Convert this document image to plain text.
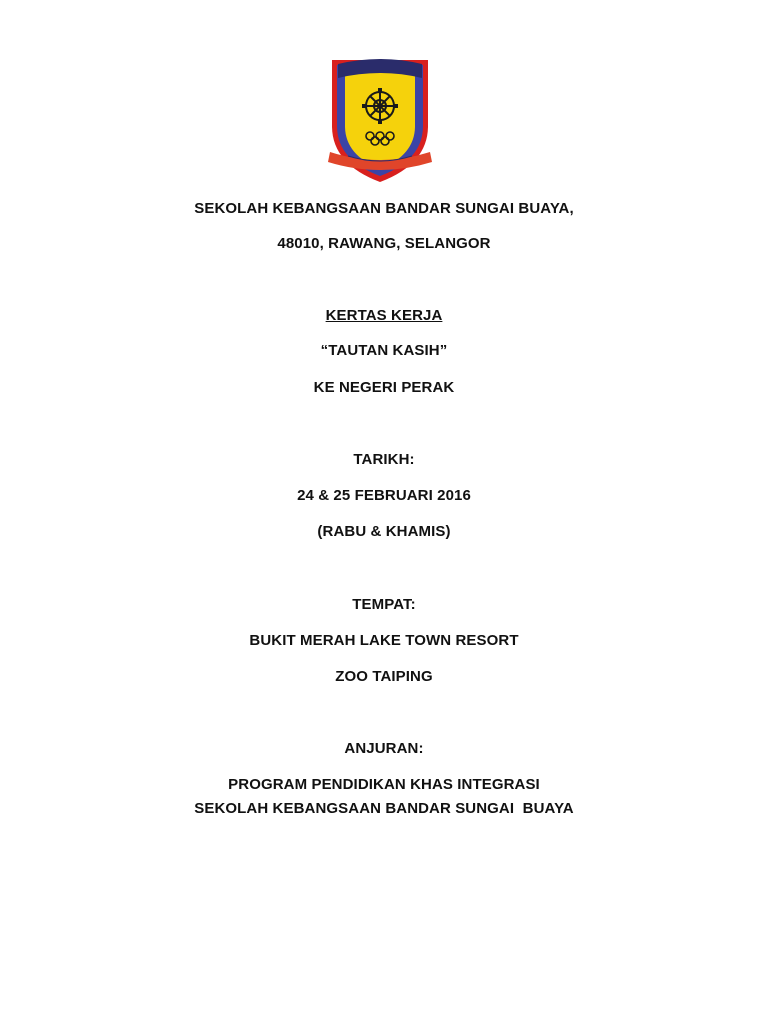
SEKOLAH KEBANGSAAN BANDAR SUNGAI BUAYA,
48010, RAWANG, SELANGOR
KERTAS KERJA
“TAUTAN KASIH”
KE NEGERI PERAK
TARIKH:
24 & 25 FEBRUARI 2016
(RABU & KHAMIS)
TEMPAT:
BUKIT MERAH LAKE TOWN RESORT
ZOO TAIPING
ANJURAN:
PROGRAM PENDIDIKAN KHAS INTEGRASI
SEKOLAH KEBANGSAAN BANDAR SUNGAI  BUAYA
